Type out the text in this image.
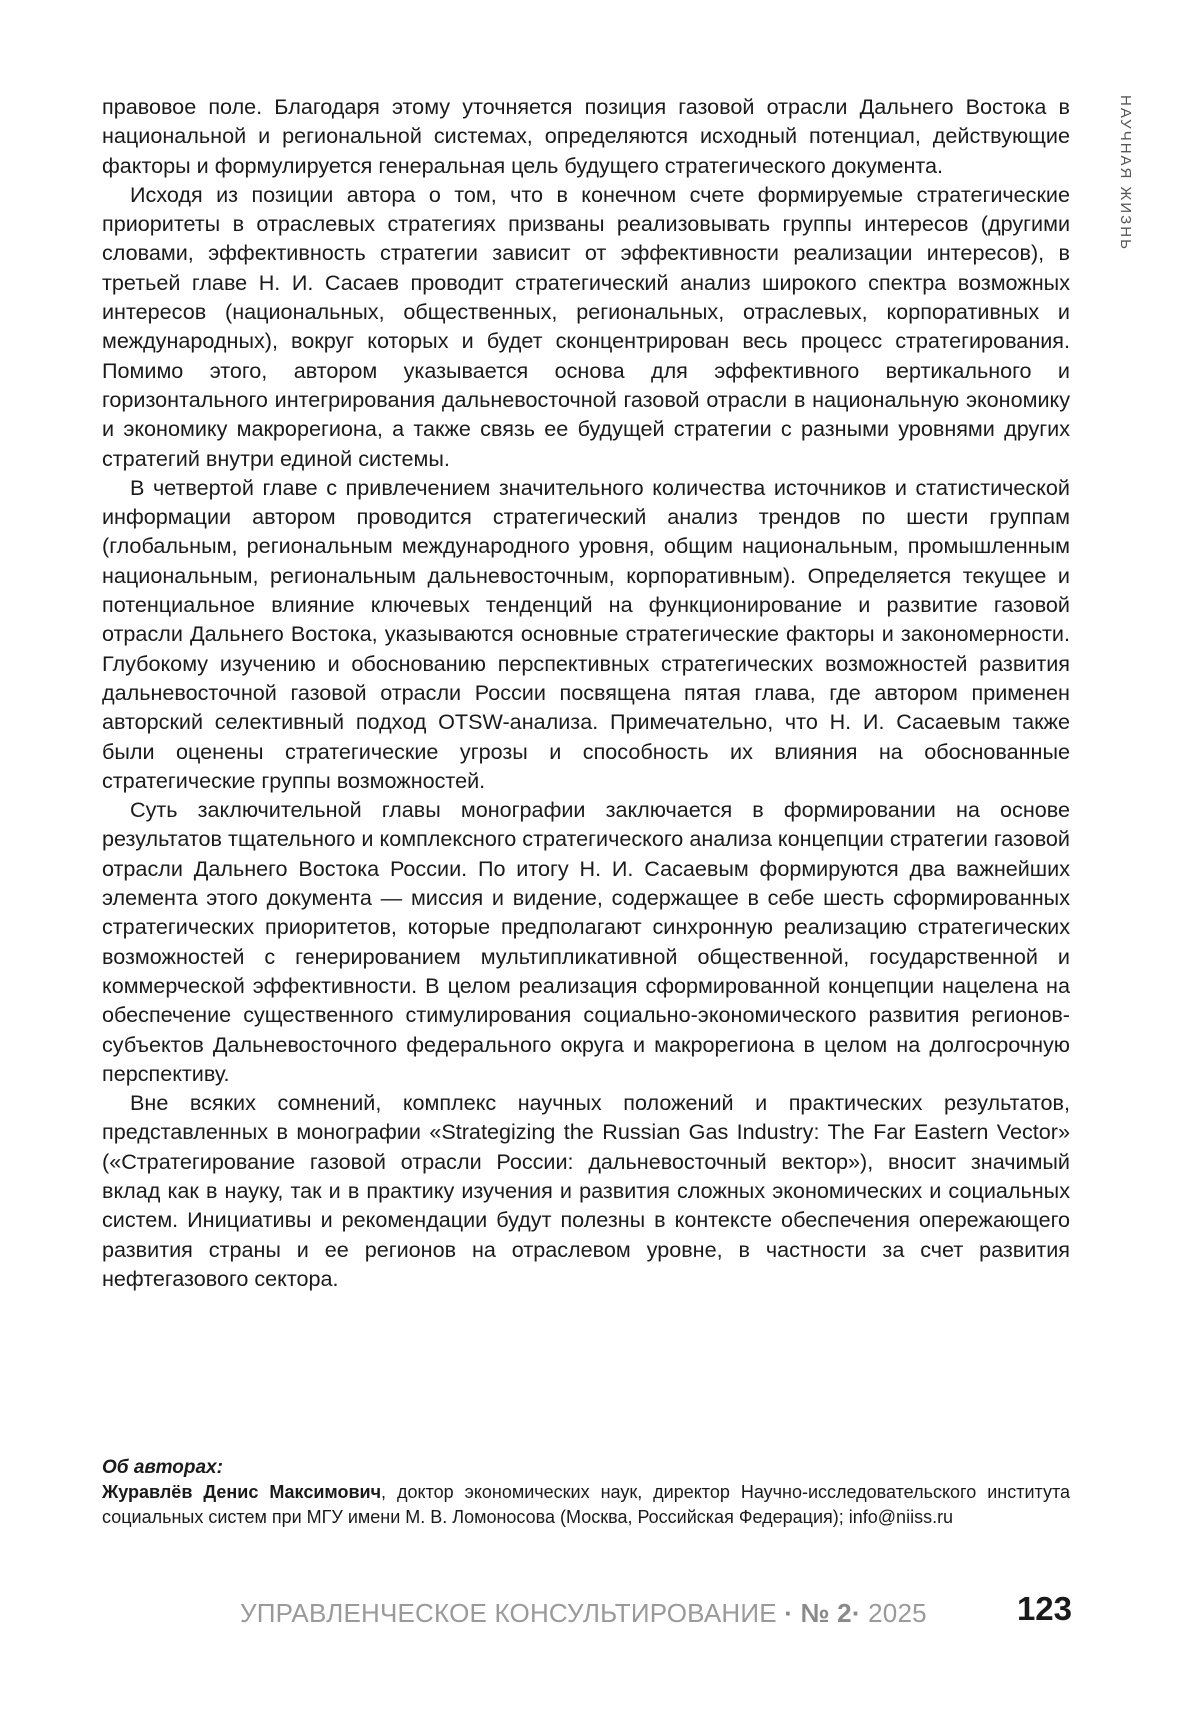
НАУЧНАЯ ЖИЗНЬ

правовое поле. Благодаря этому уточняется позиция газовой отрасли Дальнего Востока в национальной и региональной системах, определяются исходный потенциал, действующие факторы и формулируется генеральная цель будущего стратегического документа.

Исходя из позиции автора о том, что в конечном счете формируемые стратегические приоритеты в отраслевых стратегиях призваны реализовывать группы интересов (другими словами, эффективность стратегии зависит от эффективности реализации интересов), в третьей главе Н. И. Сасаев проводит стратегический анализ широкого спектра возможных интересов (национальных, общественных, региональных, отраслевых, корпоративных и международных), вокруг которых и будет сконцентрирован весь процесс стратегирования. Помимо этого, автором указывается основа для эффективного вертикального и горизонтального интегрирования дальневосточной газовой отрасли в национальную экономику и экономику макрорегиона, а также связь ее будущей стратегии с разными уровнями других стратегий внутри единой системы.

В четвертой главе с привлечением значительного количества источников и статистической информации автором проводится стратегический анализ трендов по шести группам (глобальным, региональным международного уровня, общим национальным, промышленным национальным, региональным дальневосточным, корпоративным). Определяется текущее и потенциальное влияние ключевых тенденций на функционирование и развитие газовой отрасли Дальнего Востока, указываются основные стратегические факторы и закономерности. Глубокому изучению и обоснованию перспективных стратегических возможностей развития дальневосточной газовой отрасли России посвящена пятая глава, где автором применен авторский селективный подход OTSW-анализа. Примечательно, что Н. И. Сасаевым также были оценены стратегические угрозы и способность их влияния на обоснованные стратегические группы возможностей.

Суть заключительной главы монографии заключается в формировании на основе результатов тщательного и комплексного стратегического анализа концепции стратегии газовой отрасли Дальнего Востока России. По итогу Н. И. Сасаевым формируются два важнейших элемента этого документа — миссия и видение, содержащее в себе шесть сформированных стратегических приоритетов, которые предполагают синхронную реализацию стратегических возможностей с генерированием мультипликативной общественной, государственной и коммерческой эффективности. В целом реализация сформированной концепции нацелена на обеспечение существенного стимулирования социально-экономического развития регионов-субъектов Дальневосточного федерального округа и макрорегиона в целом на долгосрочную перспективу.

Вне всяких сомнений, комплекс научных положений и практических результатов, представленных в монографии «Strategizing the Russian Gas Industry: The Far Eastern Vector» («Стратегирование газовой отрасли России: дальневосточный вектор»), вносит значимый вклад как в науку, так и в практику изучения и развития сложных экономических и социальных систем. Инициативы и рекомендации будут полезны в контексте обеспечения опережающего развития страны и ее регионов на отраслевом уровне, в частности за счет развития нефтегазового сектора.

Об авторах:
Журавлёв Денис Максимович, доктор экономических наук, директор Научно-исследовательского института социальных систем при МГУ имени М. В. Ломоносова (Москва, Российская Федерация); info@niiss.ru
УПРАВЛЕНЧЕСКОЕ КОНСУЛЬТИРОВАНИЕ · № 2· 2025	123
